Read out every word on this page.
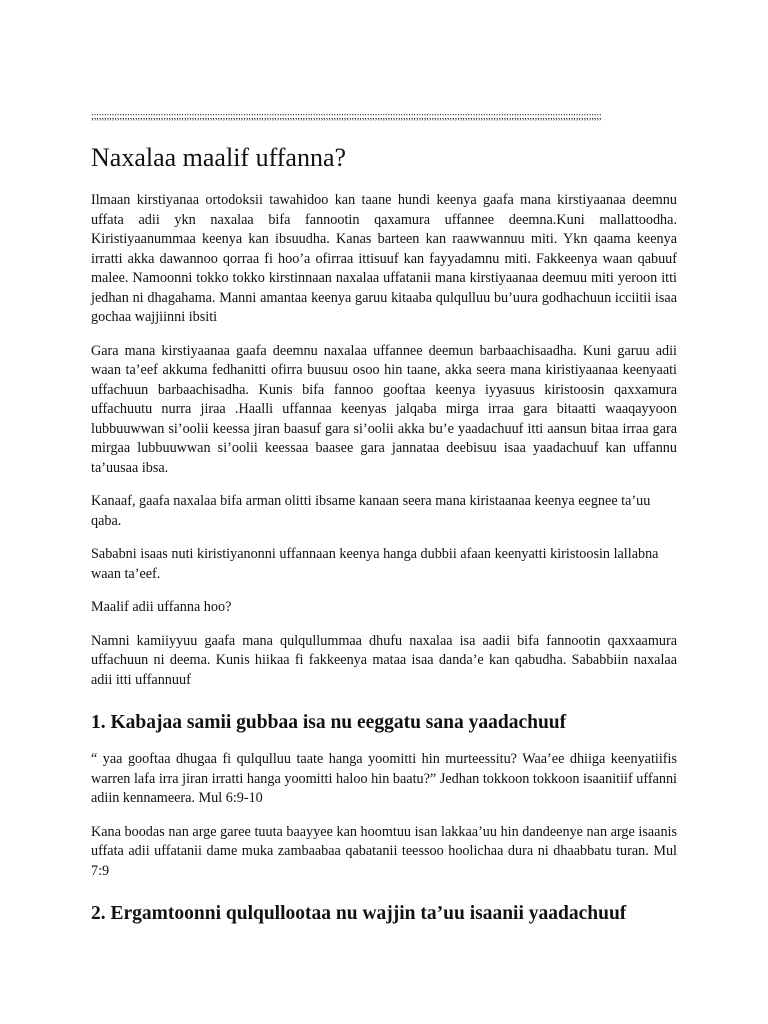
;;;;;;;;;;;;;;;;;;;;;;;;;;;;;;;;;;;;;;;;;;;;;;;;;;;;;;;;;;;;;;;;;;;;;;;;;;;;;;;;;;;;;;;;;;;;;;;;;;;;;;;;;;;;;;;;;;;;;;;;;;;;;;;;;;;;;;;;;;;;;;;;;;;;;;;;;;;;;;;;;;;;;;;;;;;;;;;;;;;;;;;;;;;;;;;;;;;;;;
Naxalaa maalif uffanna?

Ilmaan kirstiyanaa ortodoksii tawahidoo kan taane hundi keenya gaafa mana kirstiyaanaa deemnu uffata adii ykn naxalaa bifa fannootin qaxamura uffannee deemna.Kuni mallattoodha. Kiristiyaanummaa keenya kan ibsuudha. Kanas barteen kan raawwannuu miti. Ykn qaama keenya irratti akka dawannoo qorraa fi hoo’a ofirraa ittisuuf kan fayyadamnu miti. Fakkeenya waan qabuuf malee. Namoonni tokko tokko kirstinnaan naxalaa uffatanii mana kirstiyaanaa deemuu miti yeroon itti jedhan ni dhagahama. Manni amantaa keenya garuu kitaaba qulqulluu bu’uura godhachuun icciitii isaa gochaa wajjiinni ibsiti

Gara mana kirstiyaanaa gaafa deemnu naxalaa uffannee deemun barbaachisaadha. Kuni garuu adii waan ta’eef akkuma fedhanitti ofirra buusuu osoo hin taane, akka seera mana kiristiyaanaa keenyaati uffachuun barbaachisadha. Kunis bifa fannoo gooftaa keenya iyyasuus kiristoosin qaxxamura uffachuutu nurra jiraa .Haalli uffannaa keenyas jalqaba mirga irraa gara bitaatti waaqayyoon lubbuuwwan si’oolii keessa jiran baasuf gara si’oolii akka bu’e yaadachuuf itti aansun bitaa irraa gara mirgaa lubbuuwwan si’oolii keessaa baasee gara jannataa deebisuu isaa yaadachuuf kan uffannu ta’uusaa ibsa.

Kanaaf, gaafa naxalaa bifa arman olitti ibsame kanaan seera mana kiristaanaa keenya eegnee ta’uu qaba.

Sababni isaas nuti kiristiyanonni uffannaan keenya hanga dubbii afaan keenyatti kiristoosin lallabna waan ta’eef.

Maalif adii uffanna hoo?

Namni kamiiyyuu gaafa mana qulqullummaa dhufu naxalaa isa aadii bifa fannootin qaxxaamura uffachuun ni deema. Kunis hiikaa fi fakkeenya mataa isaa danda’e kan qabudha. Sababbiin naxalaa adii itti uffannuuf

1. Kabajaa samii gubbaa isa nu eeggatu sana yaadachuuf

“ yaa gooftaa dhugaa fi qulqulluu taate hanga yoomitti hin murteessitu? Waa’ee dhiiga keenyatiifis warren lafa irra jiran irratti hanga yoomitti haloo hin baatu?” Jedhan tokkoon tokkoon isaanitiif uffanni adiin kennameera. Mul 6:9-10

Kana boodas nan arge garee tuuta baayyee kan hoomtuu isan lakkaa’uu hin dandeenye nan arge isaanis uffata adii uffatanii dame muka zambaabaa qabatanii teessoo hoolichaa dura ni dhaabbatu turan. Mul 7:9

2. Ergamtoonni qulqullootaa nu wajjin ta’uu isaanii yaadachuuf
